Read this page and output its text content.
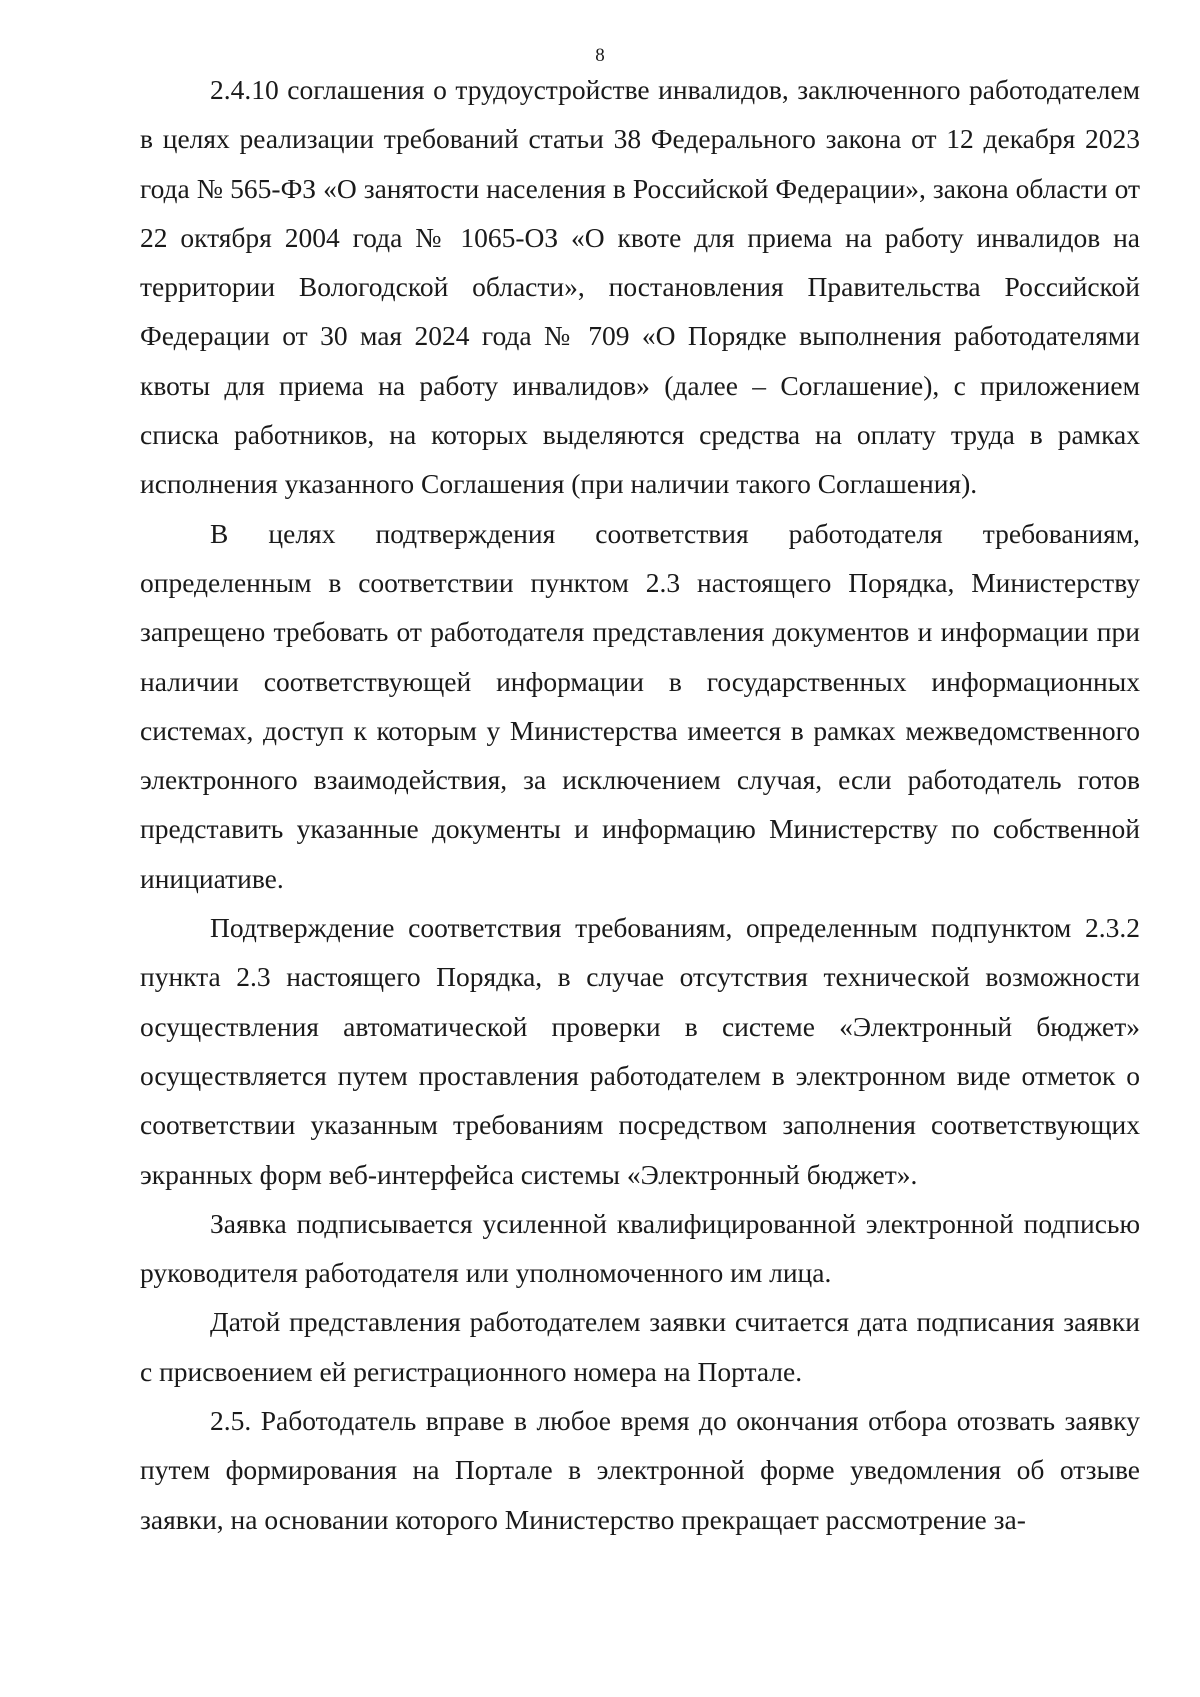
8

2.4.10 соглашения о трудоустройстве инвалидов, заключенного работодателем в целях реализации требований статьи 38 Федерального закона от 12 декабря 2023 года № 565-ФЗ «О занятости населения в Российской Федерации», закона области от 22 октября 2004 года № 1065-ОЗ «О квоте для приема на работу инвалидов на территории Вологодской области», постановления Правительства Российской Федерации от 30 мая 2024 года № 709 «О Порядке выполнения работодателями квоты для приема на работу инвалидов» (далее – Соглашение), с приложением списка работников, на которых выделяются средства на оплату труда в рамках исполнения указанного Соглашения (при наличии такого Соглашения).

В целях подтверждения соответствия работодателя требованиям, определенным в соответствии пунктом 2.3 настоящего Порядка, Министерству запрещено требовать от работодателя представления документов и информации при наличии соответствующей информации в государственных информационных системах, доступ к которым у Министерства имеется в рамках межведомственного электронного взаимодействия, за исключением случая, если работодатель готов представить указанные документы и информацию Министерству по собственной инициативе.

Подтверждение соответствия требованиям, определенным подпунктом 2.3.2 пункта 2.3 настоящего Порядка, в случае отсутствия технической возможности осуществления автоматической проверки в системе «Электронный бюджет» осуществляется путем проставления работодателем в электронном виде отметок о соответствии указанным требованиям посредством заполнения соответствующих экранных форм веб-интерфейса системы «Электронный бюджет».

Заявка подписывается усиленной квалифицированной электронной подписью руководителя работодателя или уполномоченного им лица.

Датой представления работодателем заявки считается дата подписания заявки с присвоением ей регистрационного номера на Портале.

2.5. Работодатель вправе в любое время до окончания отбора отозвать заявку путем формирования на Портале в электронной форме уведомления об отзыве заявки, на основании которого Министерство прекращает рассмотрение за-
